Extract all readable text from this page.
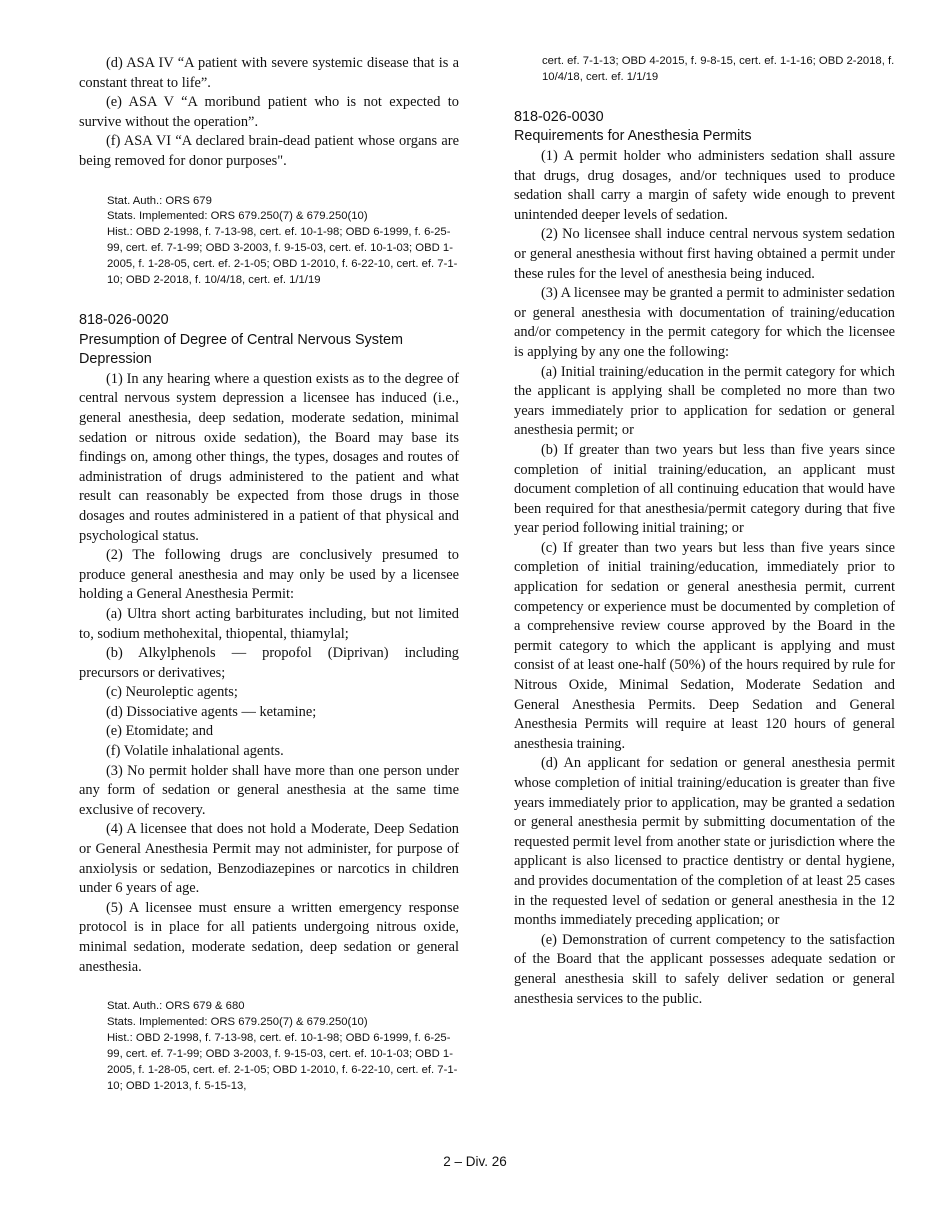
(d) ASA IV “A patient with severe systemic disease that is a constant threat to life”.

(e) ASA V “A moribund patient who is not expected to survive without the operation”.

(f) ASA VI “A declared brain-dead patient whose organs are being removed for donor purposes".

Stat. Auth.: ORS 679

Stats. Implemented: ORS 679.250(7) & 679.250(10)

Hist.: OBD 2-1998, f. 7-13-98, cert. ef. 10-1-98; OBD 6-1999, f. 6-25-99, cert. ef. 7-1-99; OBD 3-2003, f. 9-15-03, cert. ef. 10-1-03; OBD 1-2005, f. 1-28-05, cert. ef. 2-1-05; OBD 1-2010, f. 6-22-10, cert. ef. 7-1-10; OBD 2-2018, f. 10/4/18, cert. ef. 1/1/19

818-026-0020

Presumption of Degree of Central Nervous System Depression

(1) In any hearing where a question exists as to the degree of central nervous system depression a licensee has induced (i.e., general anesthesia, deep sedation, moderate sedation, minimal sedation or nitrous oxide sedation), the Board may base its findings on, among other things, the types, dosages and routes of administration of drugs administered to the patient and what result can reasonably be expected from those drugs in those dosages and routes administered in a patient of that physical and psychological status.

(2) The following drugs are conclusively presumed to produce general anesthesia and may only be used by a licensee holding a General Anesthesia Permit:

(a) Ultra short acting barbiturates including, but not limited to, sodium methohexital, thiopental, thiamylal;

(b) Alkylphenols — propofol (Diprivan) including precursors or derivatives;

(c) Neuroleptic agents;

(d) Dissociative agents — ketamine;

(e) Etomidate; and

(f) Volatile inhalational agents.

(3) No permit holder shall have more than one person under any form of sedation or general anesthesia at the same time exclusive of recovery.

(4) A licensee that does not hold a Moderate, Deep Sedation or General Anesthesia Permit may not administer, for purpose of anxiolysis or sedation, Benzodiazepines or narcotics in children under 6 years of age.

(5) A licensee must ensure a written emergency response protocol is in place for all patients undergoing nitrous oxide, minimal sedation, moderate sedation, deep sedation or general anesthesia.

Stat. Auth.: ORS 679 & 680

Stats. Implemented: ORS 679.250(7) & 679.250(10)

Hist.: OBD 2-1998, f. 7-13-98, cert. ef. 10-1-98; OBD 6-1999, f. 6-25-99, cert. ef. 7-1-99; OBD 3-2003, f. 9-15-03, cert. ef. 10-1-03; OBD 1-2005, f. 1-28-05, cert. ef. 2-1-05; OBD 1-2010, f. 6-22-10, cert. ef. 7-1-10; OBD 1-2013, f. 5-15-13,

cert. ef. 7-1-13; OBD 4-2015, f. 9-8-15, cert. ef. 1-1-16; OBD 2-2018, f. 10/4/18, cert. ef. 1/1/19

818-026-0030

Requirements for Anesthesia Permits

(1) A permit holder who administers sedation shall assure that drugs, drug dosages, and/or techniques used to produce sedation shall carry a margin of safety wide enough to prevent unintended deeper levels of sedation.

(2) No licensee shall induce central nervous system sedation or general anesthesia without first having obtained a permit under these rules for the level of anesthesia being induced.

(3) A licensee may be granted a permit to administer sedation or general anesthesia with documentation of training/education and/or competency in the permit category for which the licensee is applying by any one the following:

(a) Initial training/education in the permit category for which the applicant is applying shall be completed no more than two years immediately prior to application for sedation or general anesthesia permit; or

(b) If greater than two years but less than five years since completion of initial training/education, an applicant must document completion of all continuing education that would have been required for that anesthesia/permit category during that five year period following initial training; or

(c) If greater than two years but less than five years since completion of initial training/education, immediately prior to application for sedation or general anesthesia permit, current competency or experience must be documented by completion of a comprehensive review course approved by the Board in the permit category to which the applicant is applying and must consist of at least one-half (50%) of the hours required by rule for Nitrous Oxide, Minimal Sedation, Moderate Sedation and General Anesthesia Permits. Deep Sedation and General Anesthesia Permits will require at least 120 hours of general anesthesia training.

(d) An applicant for sedation or general anesthesia permit whose completion of initial training/education is greater than five years immediately prior to application, may be granted a sedation or general anesthesia permit by submitting documentation of the requested permit level from another state or jurisdiction where the applicant is also licensed to practice dentistry or dental hygiene, and provides documentation of the completion of at least 25 cases in the requested level of sedation or general anesthesia in the 12 months immediately preceding application; or

(e) Demonstration of current competency to the satisfaction of the Board that the applicant possesses adequate sedation or general anesthesia skill to safely deliver sedation or general anesthesia services to the public.

2 – Div. 26
